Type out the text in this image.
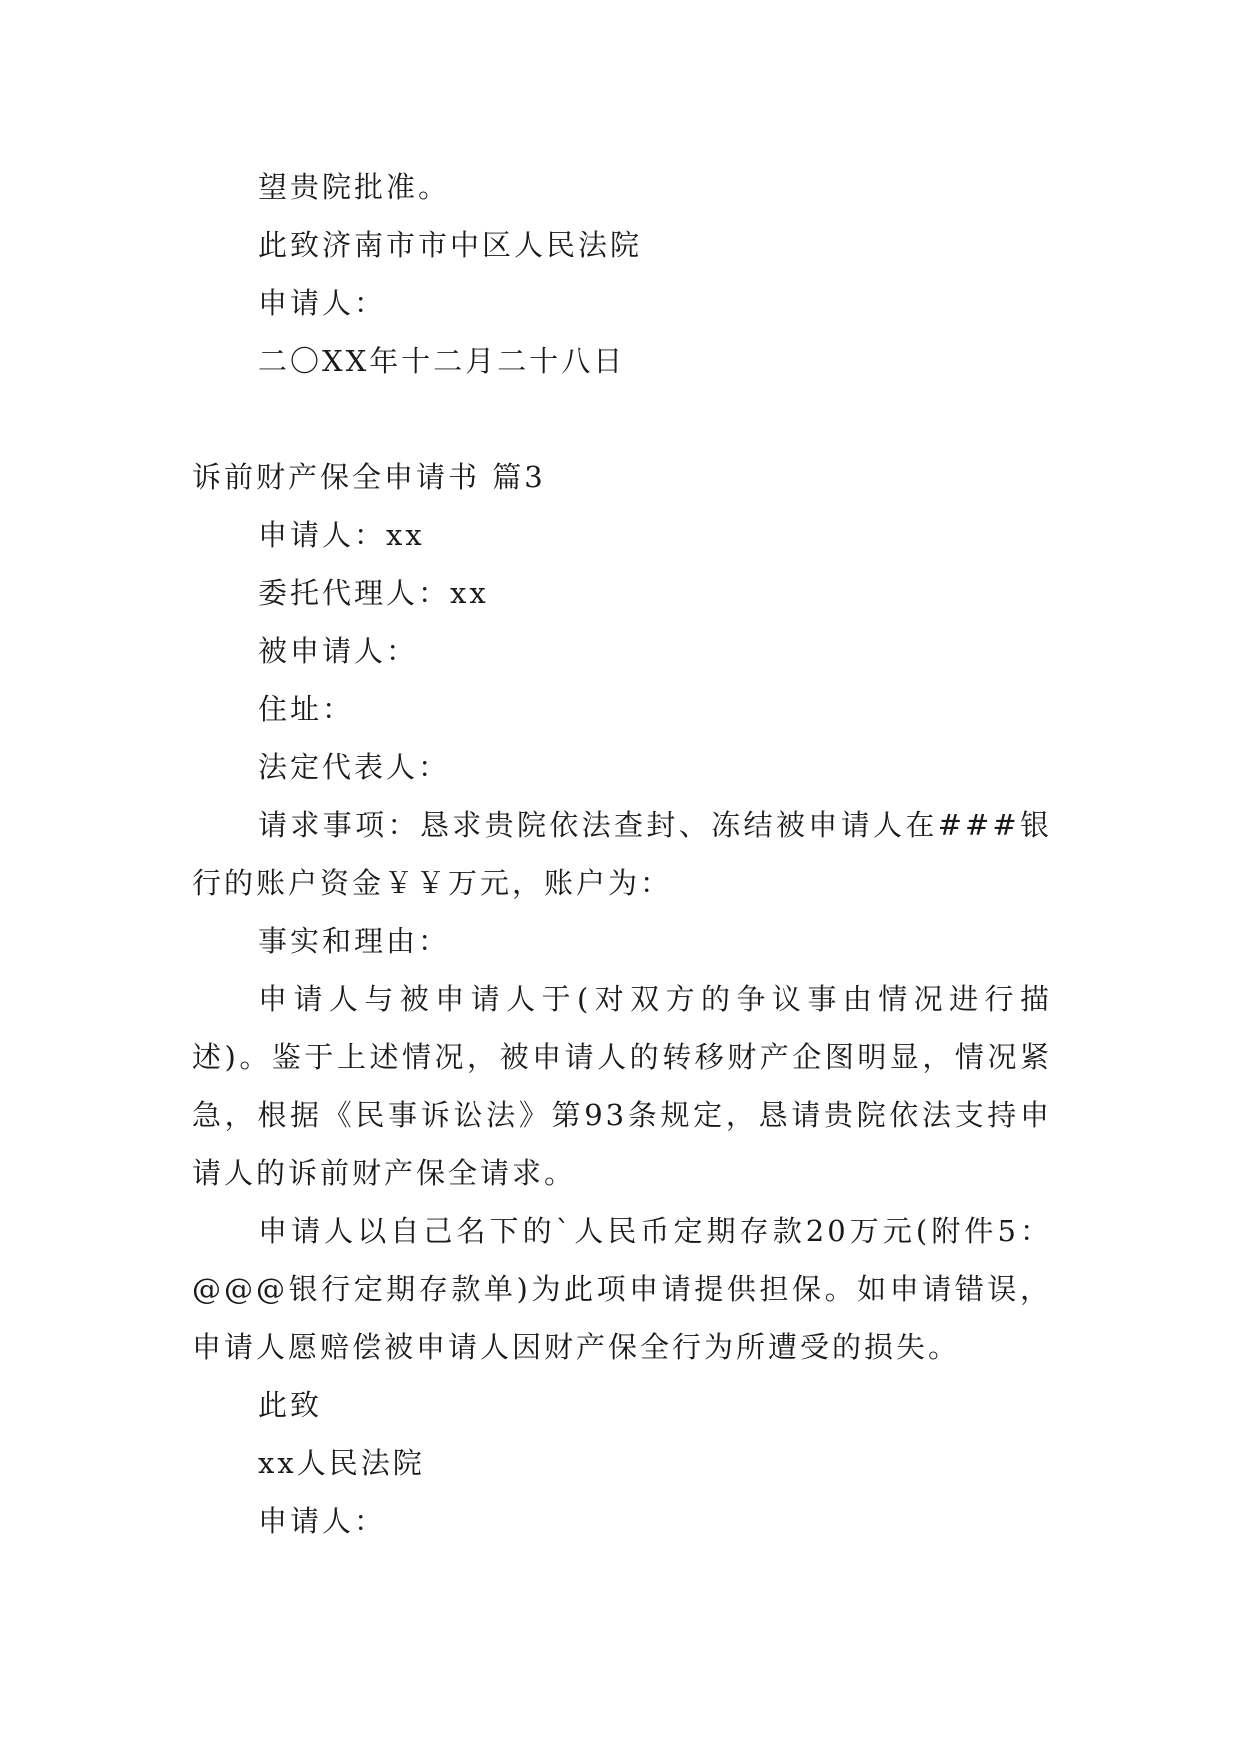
望贵院批准。

此致济南市市中区人民法院

申请人：

二〇XX年十二月二十八日

诉前财产保全申请书 篇3

申请人：xx

委托代理人：xx

被申请人：

住址：

法定代表人：

请求事项：恳求贵院依法查封、冻结被申请人在###银行的账户资金￥￥万元，账户为：

事实和理由：

申请人与被申请人于(对双方的争议事由情况进行描述)。鉴于上述情况，被申请人的转移财产企图明显，情况紧急，根据《民事诉讼法》第93条规定，恳请贵院依法支持申请人的诉前财产保全请求。

申请人以自己名下的`人民币定期存款20万元(附件5：@@@银行定期存款单)为此项申请提供担保。如申请错误，申请人愿赔偿被申请人因财产保全行为所遭受的损失。

此致

xx人民法院

申请人：
